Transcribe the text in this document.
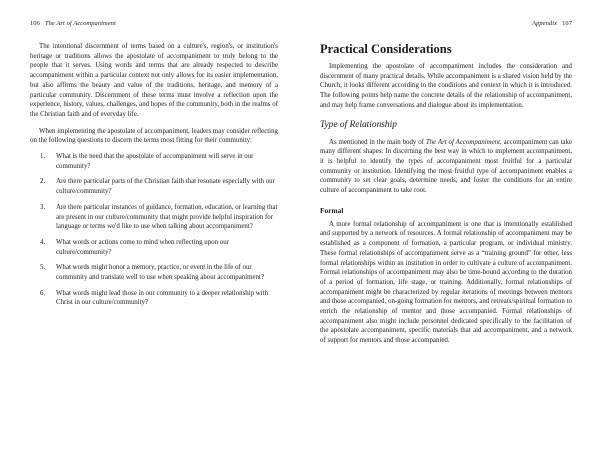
106 The Art of Accompaniment

The intentional discernment of terms based on a culture's, region's, or institution's heritage or traditions allows the apostolate of accompaniment to truly belong to the people that it serves. Using words and terms that are already respected to describe accompaniment within a particular context not only allows for its easier implementation, but also affirms the beauty and value of the traditions, heritage, and memory of a particular community. Discernment of these terms must involve a reflection upon the experience, history, values, challenges, and hopes of the community, both in the realms of the Christian faith and of everyday life.

When implementing the apostolate of accompaniment, leaders may consider reflecting on the following questions to discern the terms most fitting for their community:

1.	What is the need that the apostolate of accompaniment will serve in our community?
2.	Are there particular parts of the Christian faith that resonate especially with our culture/community?
3.	Are there particular instances of guidance, formation, education, or learning that are present in our culture/community that might provide helpful inspiration for language or terms we'd like to use when talking about accompaniment?
4.	What words or actions come to mind when reflecting upon our culture/community?
5.	What words might honor a memory, practice, or event in the life of our community and translate well to use when speaking about accompaniment?
6.	What words might lead those in our community to a deeper relationship with Christ in our culture/community?
Appendix 107
Practical Considerations

Implementing the apostolate of accompaniment includes the consideration and discernment of many practical details. While accompaniment is a shared vision held by the Church, it looks different according to the conditions and context in which it is introduced. The following points help name the concrete details of the relationship of accompaniment, and may help frame conversations and dialogue about its implementation.

Type of Relationship

As mentioned in the main body of The Art of Accompaniment, accompaniment can take many different shapes. In discerning the best way in which to implement accompaniment, it is helpful to identify the types of accompaniment most fruitful for a particular community or institution. Identifying the most fruitful type of accompaniment enables a community to set clear goals, determine needs, and foster the conditions for an entire culture of accompaniment to take root.

Formal

A more formal relationship of accompaniment is one that is intentionally established and supported by a network of resources. A formal relationship of accompaniment may be established as a component of formation, a particular program, or individual ministry. These formal relationships of accompaniment serve as a “training ground” for other, less formal relationships within an institution in order to cultivate a culture of accompaniment. Formal relationships of accompaniment may also be time-bound according to the duration of a period of formation, life stage, or training. Additionally, formal relationships of accompaniment might be characterized by regular iterations of meetings between mentors and those accompanied, on-going formation for mentors, and retreats/spiritual formation to enrich the relationship of mentor and those accompanied. Formal relationships of accompaniment also might include personnel dedicated specifically to the facilitation of the apostolate accompaniment, specific materials that aid accompaniment, and a network of support for mentors and those accompanied.
